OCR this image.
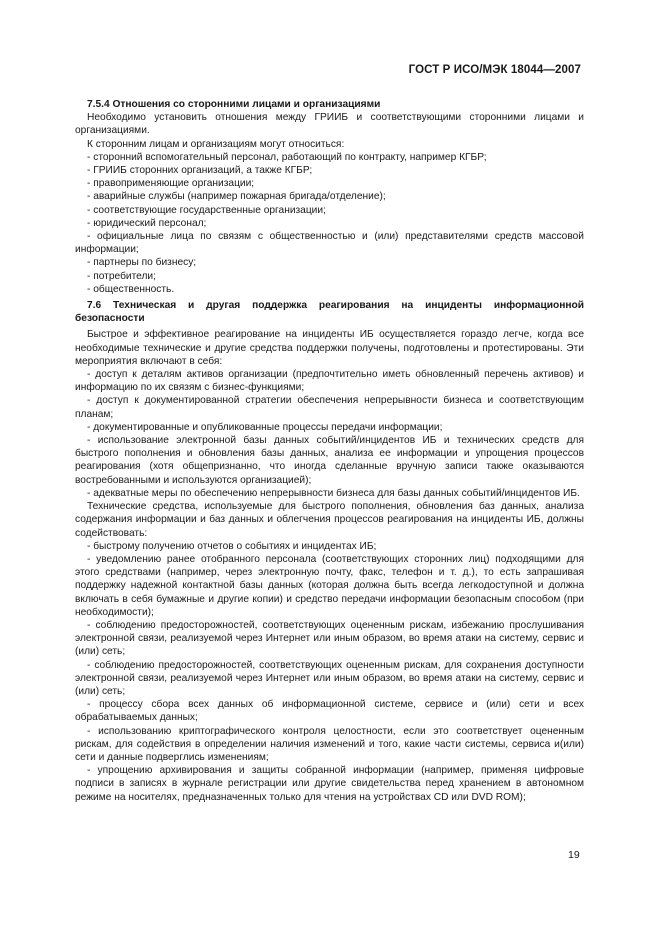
ГОСТ Р ИСО/МЭК 18044—2007

7.5.4 Отношения со сторонними лицами и организациями

Необходимо установить отношения между ГРИИБ и соответствующими сторонними лицами и организациями.

К сторонним лицам и организациям могут относиться:

- сторонний вспомогательный персонал, работающий по контракту, например КГБР;

- ГРИИБ сторонних организаций, а также КГБР;

- правоприменяющие организации;

- аварийные службы (например пожарная бригада/отделение);

- соответствующие государственные организации;

- юридический персонал;

- официальные лица по связям с общественностью и (или) представителями средств массовой информации;

- партнеры по бизнесу;

- потребители;

- общественность.

7.6 Техническая и другая поддержка реагирования на инциденты информационной безопасности

Быстрое и эффективное реагирование на инциденты ИБ осуществляется гораздо легче, когда все необходимые технические и другие средства поддержки получены, подготовлены и протестированы. Эти мероприятия включают в себя:

- доступ к деталям активов организации (предпочтительно иметь обновленный перечень активов) и информацию по их связям с бизнес-функциями;

- доступ к документированной стратегии обеспечения непрерывности бизнеса и соответствующим планам;

- документированные и опубликованные процессы передачи информации;

- использование электронной базы данных событий/инцидентов ИБ и технических средств для быстрого пополнения и обновления базы данных, анализа ее информации и упрощения процессов реагирования (хотя общепризнанно, что иногда сделанные вручную записи также оказываются востребованными и используются организацией);

- адекватные меры по обеспечению непрерывности бизнеса для базы данных событий/инцидентов ИБ.

Технические средства, используемые для быстрого пополнения, обновления баз данных, анализа содержания информации и баз данных и облегчения процессов реагирования на инциденты ИБ, должны содействовать:

- быстрому получению отчетов о событиях и инцидентах ИБ;

- уведомлению ранее отобранного персонала (соответствующих сторонних лиц) подходящими для этого средствами (например, через электронную почту, факс, телефон и т. д.), то есть запрашивая поддержку надежной контактной базы данных (которая должна быть всегда легкодоступной и должна включать в себя бумажные и другие копии) и средство передачи информации безопасным способом (при необходимости);

- соблюдению предосторожностей, соответствующих оцененным рискам, избежанию прослушивания электронной связи, реализуемой через Интернет или иным образом, во время атаки на систему, сервис и (или) сеть;

- соблюдению предосторожностей, соответствующих оцененным рискам, для сохранения доступности электронной связи, реализуемой через Интернет или иным образом, во время атаки на систему, сервис и (или) сеть;

- процессу сбора всех данных об информационной системе, сервисе и (или) сети и всех обрабатываемых данных;

- использованию криптографического контроля целостности, если это соответствует оцененным рискам, для содействия в определении наличия изменений и того, какие части системы, сервиса и(или) сети и данные подверглись изменениям;

- упрощению архивирования и защиты собранной информации (например, применяя цифровые подписи в записях в журнале регистрации или другие свидетельства перед хранением в автономном режиме на носителях, предназначенных только для чтения на устройствах CD или DVD ROM);

19
